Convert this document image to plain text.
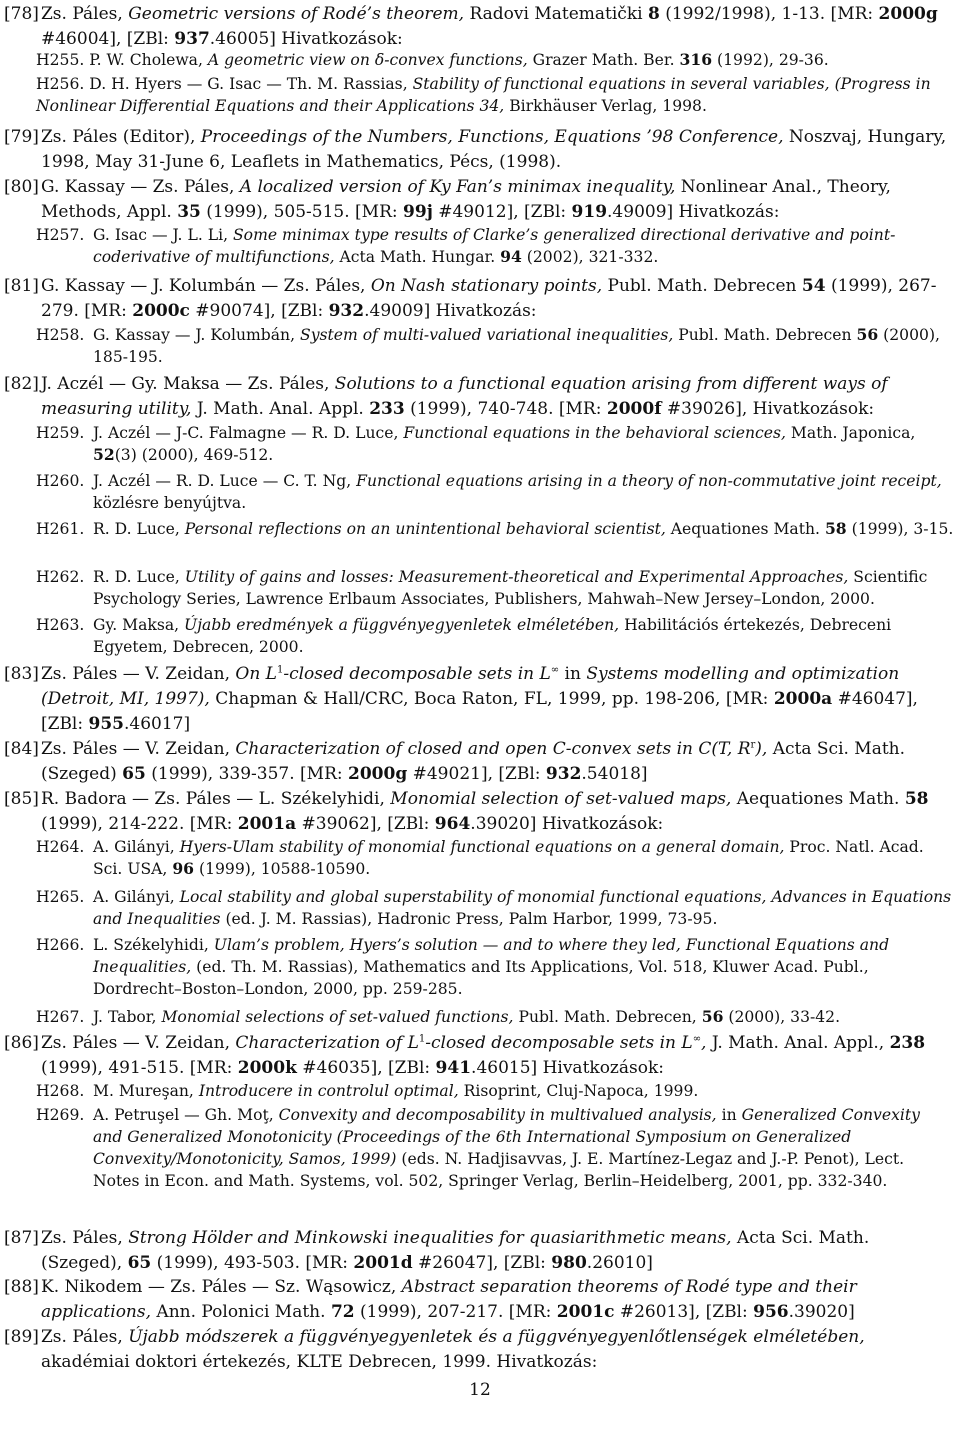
[78] Zs. Páles, Geometric versions of Rodé’s theorem, Radovi Matematički 8 (1992/1998), 1-13. [MR: 2000g #46004], [ZBl: 937.46005] Hivatkozások:

H255. P. W. Cholewa, A geometric view on δ-convex functions, Grazer Math. Ber. 316 (1992), 29-36.

H256. D. H. Hyers — G. Isac — Th. M. Rassias, Stability of functional equations in several variables, (Progress in Nonlinear Differential Equations and their Applications 34, Birkhäuser Verlag, 1998.

[79] Zs. Páles (Editor), Proceedings of the Numbers, Functions, Equations ’98 Conference, Noszvaj, Hungary, 1998, May 31-June 6, Leaflets in Mathematics, Pécs, (1998).

[80] G. Kassay — Zs. Páles, A localized version of Ky Fan’s minimax inequality, Nonlinear Anal., Theory, Methods, Appl. 35 (1999), 505-515. [MR: 99j #49012], [ZBl: 919.49009] Hivatkozás:

H257. G. Isac — J. L. Li, Some minimax type results of Clarke’s generalized directional derivative and point-coderivative of multifunctions, Acta Math. Hungar. 94 (2002), 321-332.

[81] G. Kassay — J. Kolumbán — Zs. Páles, On Nash stationary points, Publ. Math. Debrecen 54 (1999), 267-279. [MR: 2000c #90074], [ZBl: 932.49009] Hivatkozás:

H258. G. Kassay — J. Kolumbán, System of multi-valued variational inequalities, Publ. Math. Debrecen 56 (2000), 185-195.

[82] J. Aczél — Gy. Maksa — Zs. Páles, Solutions to a functional equation arising from different ways of measuring utility, J. Math. Anal. Appl. 233 (1999), 740-748. [MR: 2000f #39026], Hivatkozások:

H259. J. Aczél — J-C. Falmagne — R. D. Luce, Functional equations in the behavioral sciences, Math. Japonica, 52(3) (2000), 469-512.

H260. J. Aczél — R. D. Luce — C. T. Ng, Functional equations arising in a theory of non-commutative joint receipt, közlésre benyújtva.

H261. R. D. Luce, Personal reflections on an unintentional behavioral scientist, Aequationes Math. 58 (1999), 3-15.

H262. R. D. Luce, Utility of gains and losses: Measurement-theoretical and Experimental Approaches, Scientific Psychology Series, Lawrence Erlbaum Associates, Publishers, Mahwah–New Jersey–London, 2000.

H263. Gy. Maksa, Újabb eredmények a függvényegyenletek elméletében, Habilitációs értekezés, Debreceni Egyetem, Debrecen, 2000.

[83] Zs. Páles — V. Zeidan, On $L^1$-closed decomposable sets in L∞ in Systems modelling and optimization (Detroit, MI, 1997), Chapman & Hall/CRC, Boca Raton, FL, 1999, pp. 198-206, [MR: 2000a #46047], [ZBl: 955.46017]

[84] Zs. Páles — V. Zeidan, Characterization of closed and open C-convex sets in C(T, $R^r$), Acta Sci. Math. (Szeged) 65 (1999), 339-357. [MR: 2000g #49021], [ZBl: 932.54018]

[85] R. Badora — Zs. Páles — L. Székelyhidi, Monomial selection of set-valued maps, Aequationes Math. 58 (1999), 214-222. [MR: 2001a #39062], [ZBl: 964.39020] Hivatkozások:

H264. A. Gilányi, Hyers-Ulam stability of monomial functional equations on a general domain, Proc. Natl. Acad. Sci. USA, 96 (1999), 10588-10590.

H265. A. Gilányi, Local stability and global superstability of monomial functional equations, Advances in Equations and Inequalities (ed. J. M. Rassias), Hadronic Press, Palm Harbor, 1999, 73-95.

H266. L. Székelyhidi, Ulam’s problem, Hyers’s solution — and to where they led, Functional Equations and Inequalities, (ed. Th. M. Rassias), Mathematics and Its Applications, Vol. 518, Kluwer Acad. Publ., Dordrecht–Boston–London, 2000, pp. 259-285.

H267. J. Tabor, Monomial selections of set-valued functions, Publ. Math. Debrecen, 56 (2000), 33-42.

[86] Zs. Páles — V. Zeidan, Characterization of $L^1$-closed decomposable sets in L∞, J. Math. Anal. Appl., 238 (1999), 491-515. [MR: 2000k #46035], [ZBl: 941.46015] Hivatkozások:

H268. M. Mureşan, Introducere in controlul optimal, Risoprint, Cluj-Napoca, 1999.

H269. A. Petruşel — Gh. Moţ, Convexity and decomposability in multivalued analysis, in Generalized Convexity and Generalized Monotonicity (Proceedings of the 6th International Symposium on Generalized Convexity/Monotonicity, Samos, 1999) (eds. N. Hadjisavvas, J. E. Martínez-Legaz and J.-P. Penot), Lect. Notes in Econ. and Math. Systems, vol. 502, Springer Verlag, Berlin–Heidelberg, 2001, pp. 332-340.

[87] Zs. Páles, Strong Hölder and Minkowski inequalities for quasiarithmetic means, Acta Sci. Math. (Szeged), 65 (1999), 493-503. [MR: 2001d #26047], [ZBl: 980.26010]

[88] K. Nikodem — Zs. Páles — Sz. Wąsowicz, Abstract separation theorems of Rodé type and their applications, Ann. Polonici Math. 72 (1999), 207-217. [MR: 2001c #26013], [ZBl: 956.39020]

[89] Zs. Páles, Újabb módszerek a függvényegyenletek és a függvényegyenlőtlenségek elméletében, akadémiai doktori értekezés, KLTE Debrecen, 1999. Hivatkozás:

12
